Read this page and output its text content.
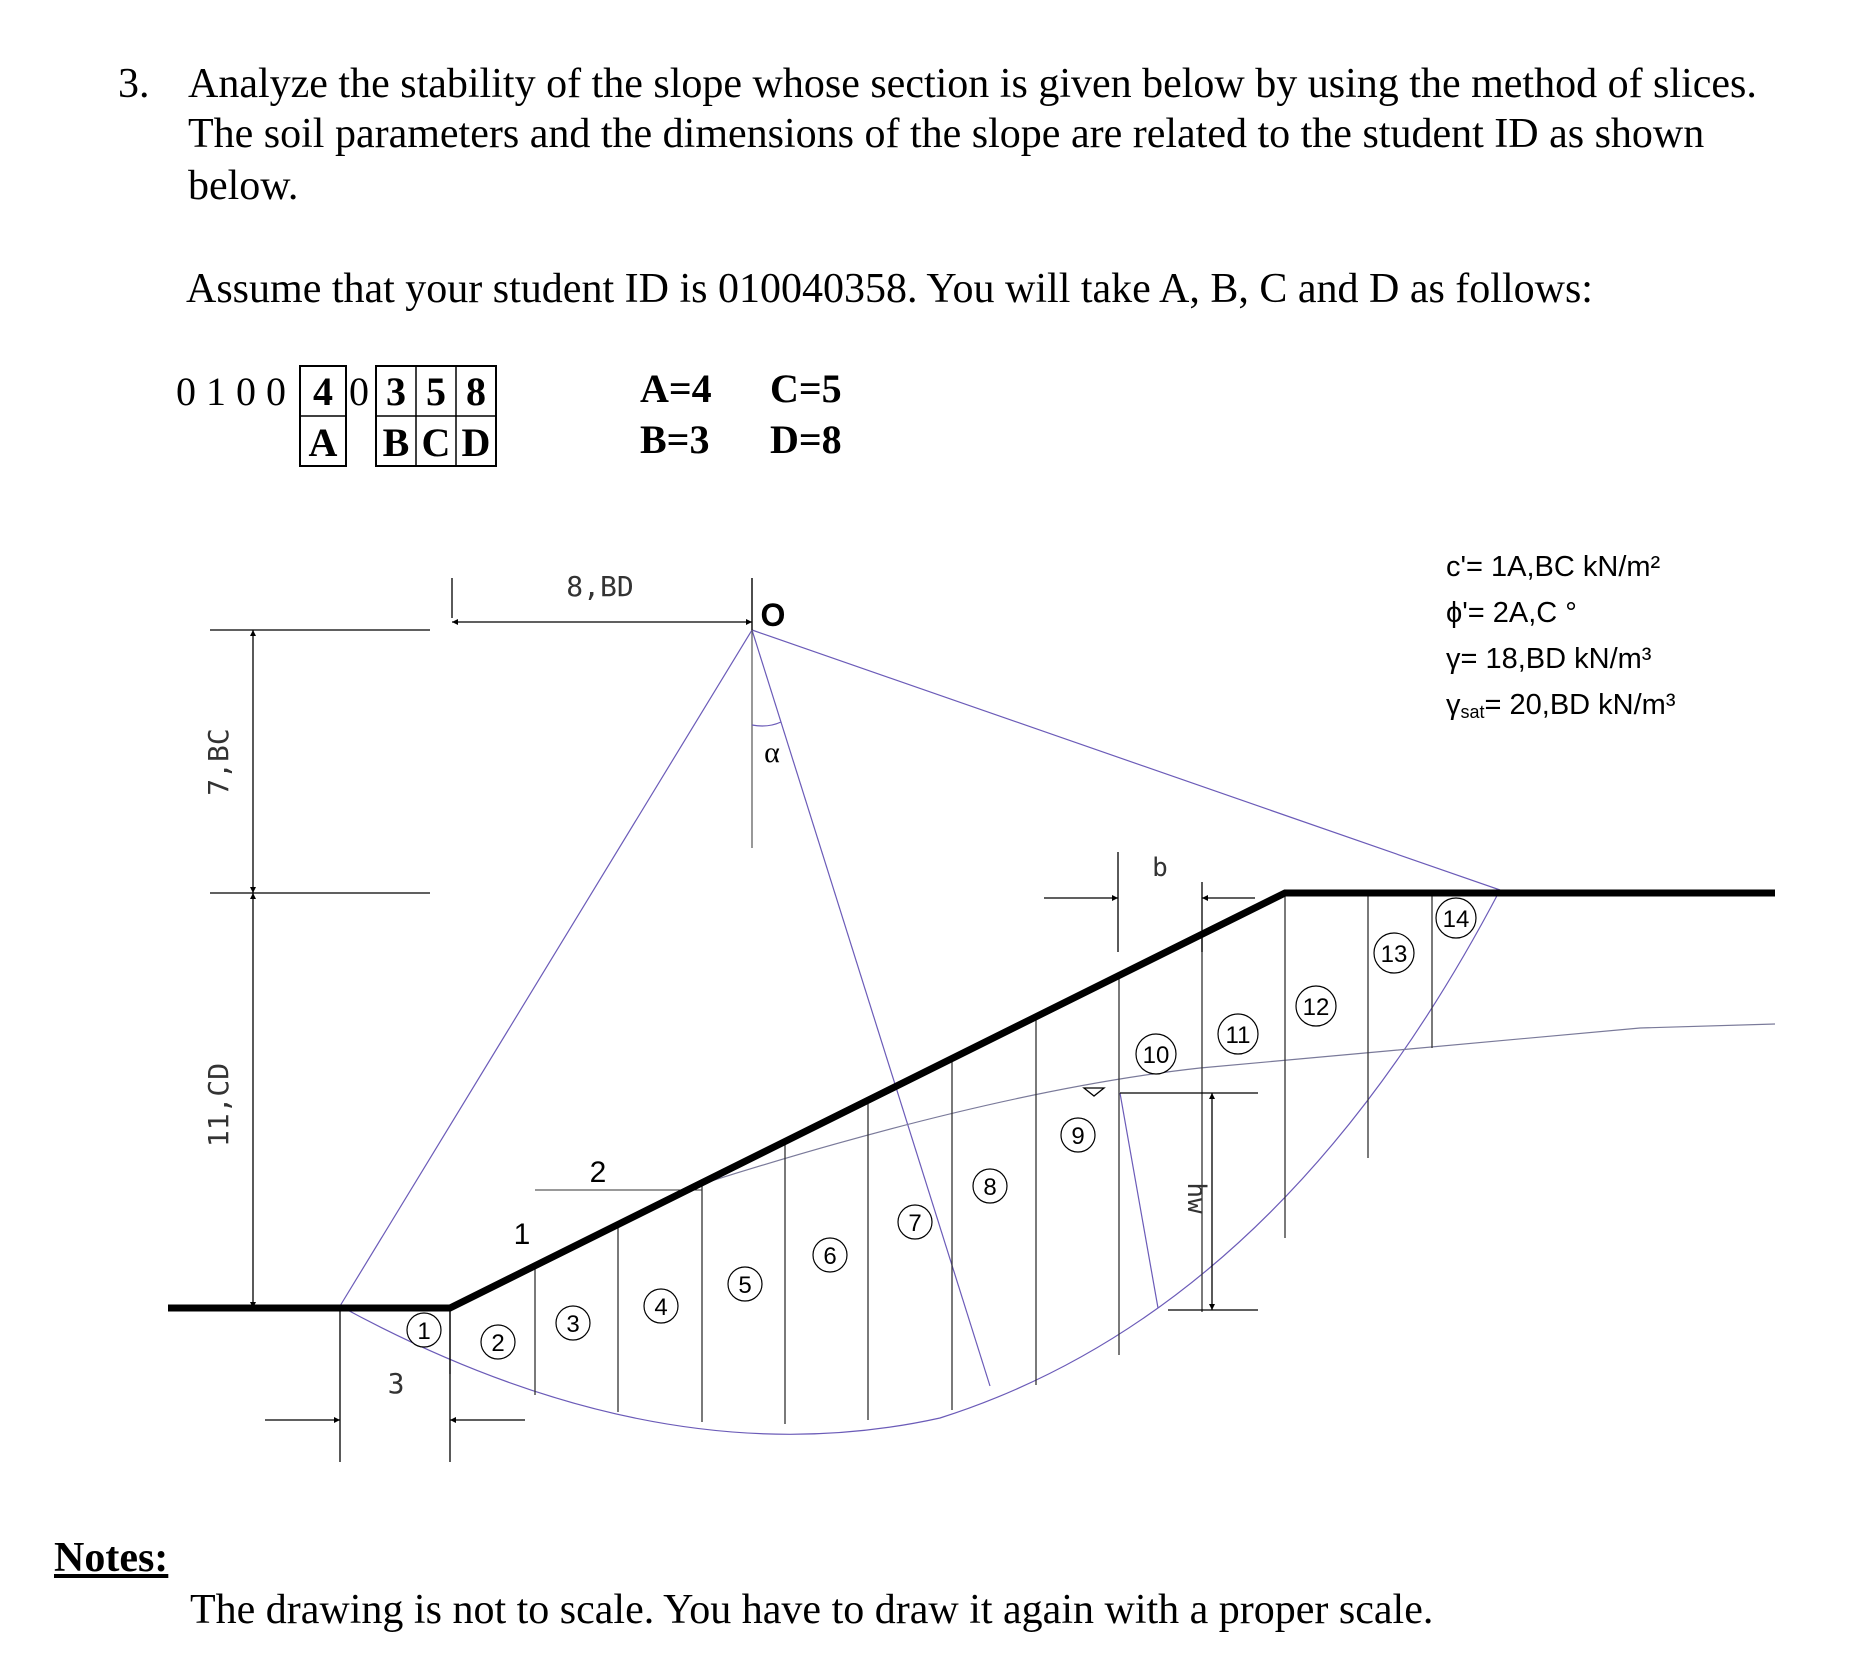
3. Analyze the stability of the slope whose section is given below by using the method of slices.
The soil parameters and the dimensions of the slope are related to the student ID as shown
below.
Assume that your student ID is 010040358. You will take A, B, C and D as follows:
0 1 0 0 4
A
0 3 5 8
B C D
A=4 C=5
B=3 D=8
c'= 1A,BC kN/m²
ϕ'= 2A,C °
γ= 18,BD kN/m³
γsat= 20,BD kN/m³
8,BD
7,BC
11,CD
3
1
2
b
hw
O
α
1	2
3
4
5
6
7
8
9
10
11
12
13
14
Notes:
The drawing is not to scale. You have to draw it again with a proper scale.
